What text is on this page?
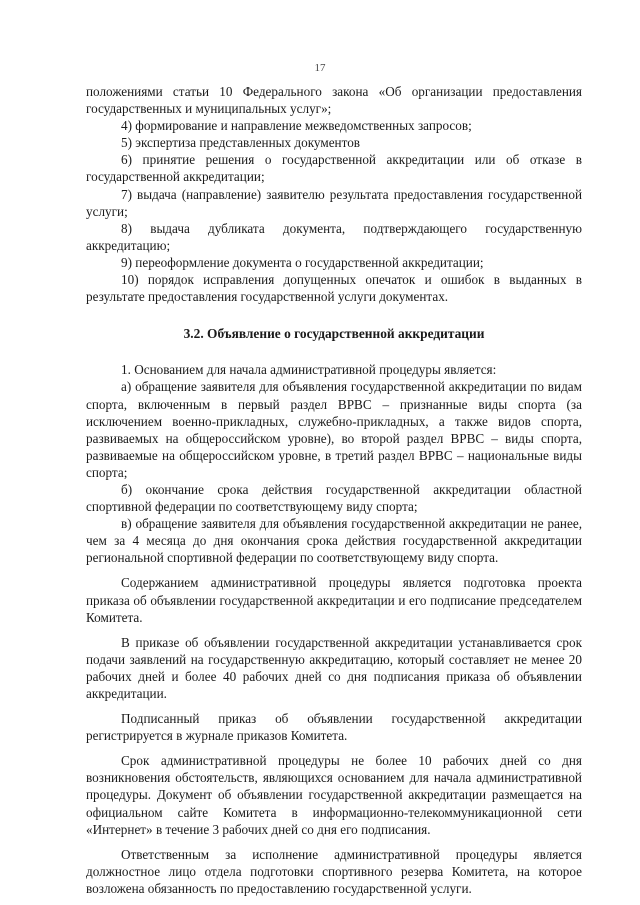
17

положениями статьи 10 Федерального закона «Об организации предоставления государственных и муниципальных услуг»;

4) формирование и направление межведомственных запросов;

5) экспертиза представленных документов

6) принятие решения о государственной аккредитации или об отказе в государственной аккредитации;

7) выдача (направление) заявителю результата предоставления государственной услуги;

8) выдача дубликата документа, подтверждающего государственную аккредитацию;

9) переоформление документа о государственной аккредитации;

10) порядок исправления допущенных опечаток и ошибок в выданных в результате предоставления государственной услуги документах.

3.2. Объявление о государственной аккредитации

1. Основанием для начала административной процедуры является:

а) обращение заявителя для объявления государственной аккредитации по видам спорта, включенным в первый раздел ВРВС – признанные виды спорта (за исключением военно-прикладных, служебно-прикладных, а также видов спорта, развиваемых на общероссийском уровне), во второй раздел ВРВС – виды спорта, развиваемые на общероссийском уровне, в третий раздел ВРВС – национальные виды спорта;

б) окончание срока действия государственной аккредитации областной спортивной федерации по соответствующему виду спорта;

в) обращение заявителя для объявления государственной аккредитации не ранее, чем за 4 месяца до дня окончания срока действия государственной аккредитации региональной спортивной федерации по соответствующему виду спорта.

Содержанием административной процедуры является подготовка проекта приказа об объявлении государственной аккредитации и его подписание председателем Комитета.

В приказе об объявлении государственной аккредитации устанавливается срок подачи заявлений на государственную аккредитацию, который составляет не менее 20 рабочих дней и более 40 рабочих дней со дня подписания приказа об объявлении аккредитации.

Подписанный приказ об объявлении государственной аккредитации регистрируется в журнале приказов Комитета.

Срок административной процедуры не более 10 рабочих дней со дня возникновения обстоятельств, являющихся основанием для начала административной процедуры. Документ об объявлении государственной аккредитации размещается на официальном сайте Комитета в информационно-телекоммуникационной сети «Интернет» в течение 3 рабочих дней со дня его подписания.

Ответственным за исполнение административной процедуры является должностное лицо отдела подготовки спортивного резерва Комитета, на которое возложена обязанность по предоставлению государственной услуги.
